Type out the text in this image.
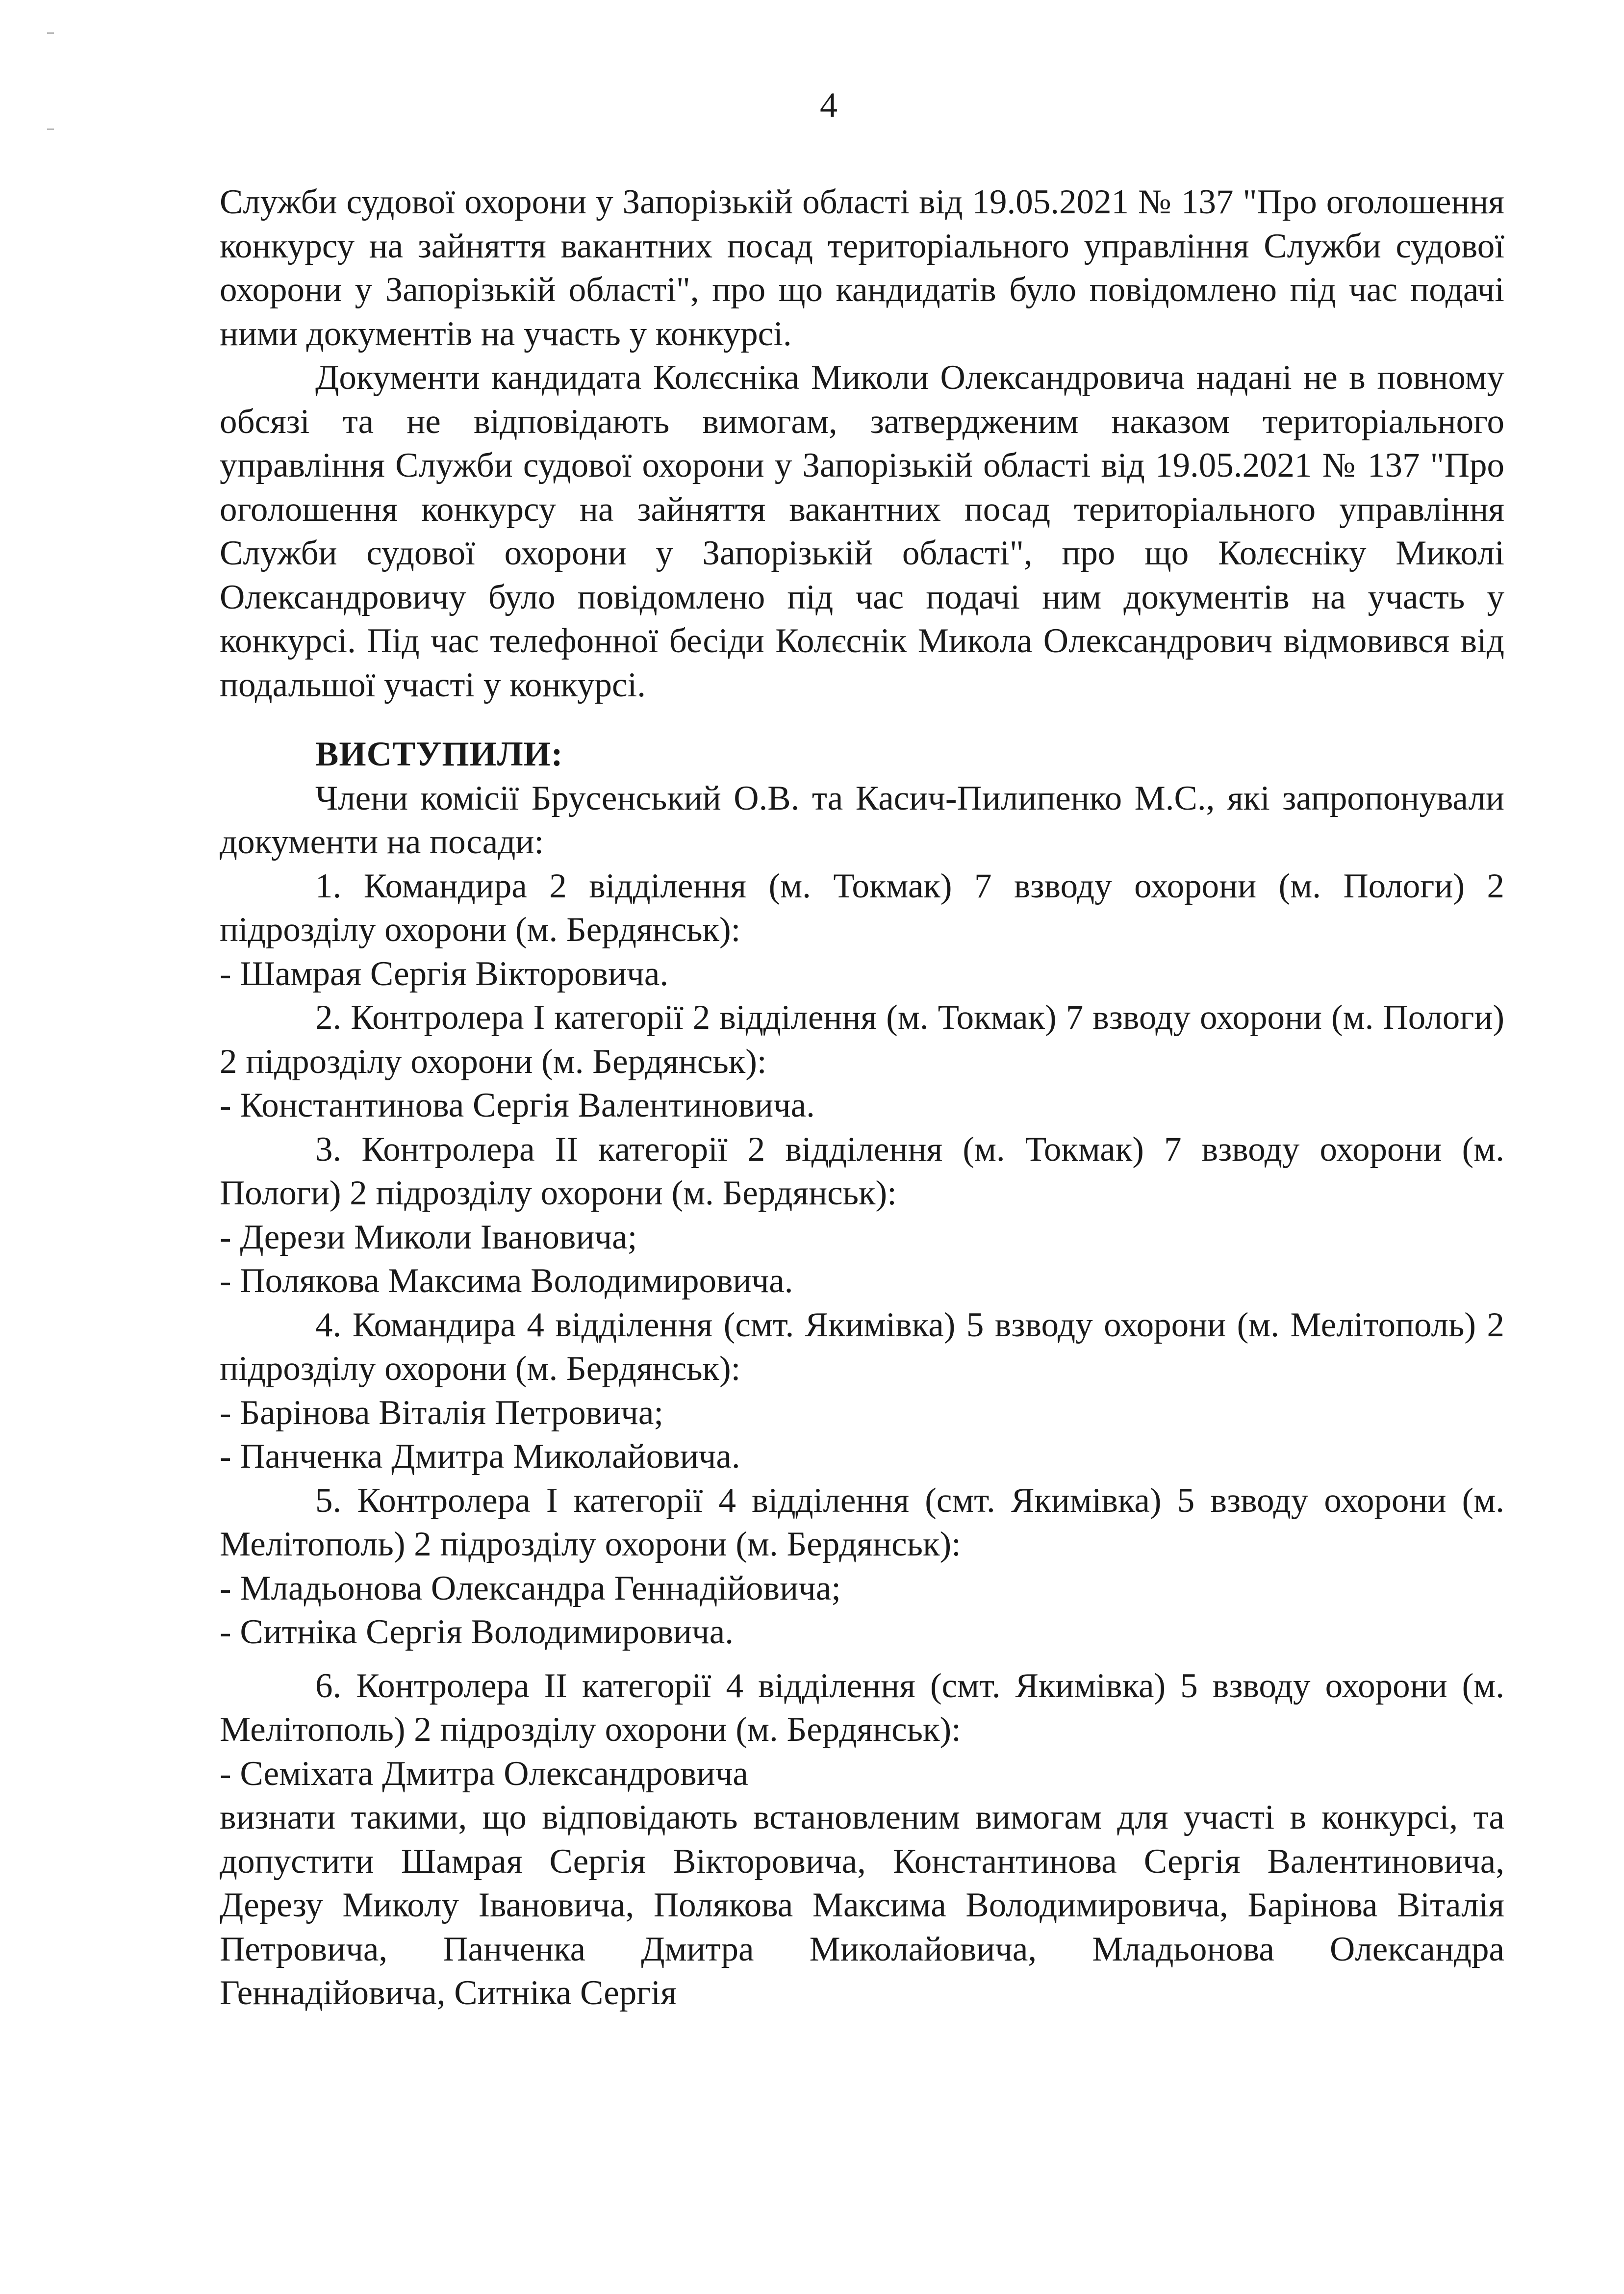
4

Служби судової охорони у Запорізькій області від 19.05.2021 № 137 "Про оголошення конкурсу на зайняття вакантних посад територіального управління Служби судової охорони у Запорізькій області", про що кандидатів було повідомлено під час подачі ними документів на участь у конкурсі.

Документи кандидата Колєсніка Миколи Олександровича надані не в повному обсязі та не відповідають вимогам, затвердженим наказом територіального управління Служби судової охорони у Запорізькій області від 19.05.2021 № 137 "Про оголошення конкурсу на зайняття вакантних посад територіального управління Служби судової охорони у Запорізькій області", про що Колєсніку Миколі Олександровичу було повідомлено під час подачі ним документів на участь у конкурсі. Під час телефонної бесіди Колєснік Микола Олександрович відмовився від подальшої участі у конкурсі.

ВИСТУПИЛИ:

Члени комісії Брусенський О.В. та Касич-Пилипенко М.С., які запропонували документи на посади:

1. Командира 2 відділення (м. Токмак) 7 взводу охорони (м. Пологи) 2 підрозділу охорони (м. Бердянськ):

- Шамрая Сергія Вікторовича.

2. Контролера І категорії 2 відділення (м. Токмак) 7 взводу охорони (м. Пологи) 2 підрозділу охорони (м. Бердянськ):

- Константинова Сергія Валентиновича.

3. Контролера ІІ категорії 2 відділення (м. Токмак) 7 взводу охорони (м. Пологи) 2 підрозділу охорони (м. Бердянськ):

- Дерези Миколи Івановича;

- Полякова Максима Володимировича.

4. Командира 4 відділення (смт. Якимівка) 5 взводу охорони (м. Мелітополь) 2 підрозділу охорони (м. Бердянськ):

- Барінова Віталія Петровича;

- Панченка Дмитра Миколайовича.

5. Контролера І категорії 4 відділення (смт. Якимівка) 5 взводу охорони (м. Мелітополь) 2 підрозділу охорони (м. Бердянськ):

- Младьонова Олександра Геннадійовича;

- Ситніка Сергія Володимировича.

6. Контролера ІІ категорії 4 відділення (смт. Якимівка) 5 взводу охорони (м. Мелітополь) 2 підрозділу охорони (м. Бердянськ):

- Семіхата Дмитра Олександровича

визнати такими, що відповідають встановленим вимогам для участі в конкурсі, та допустити Шамрая Сергія Вікторовича, Константинова Сергія Валентиновича, Дерезу Миколу Івановича, Полякова Максима Володимировича, Барінова Віталія Петровича, Панченка Дмитра Миколайовича, Младьонова Олександра Геннадійовича, Ситніка Сергія
